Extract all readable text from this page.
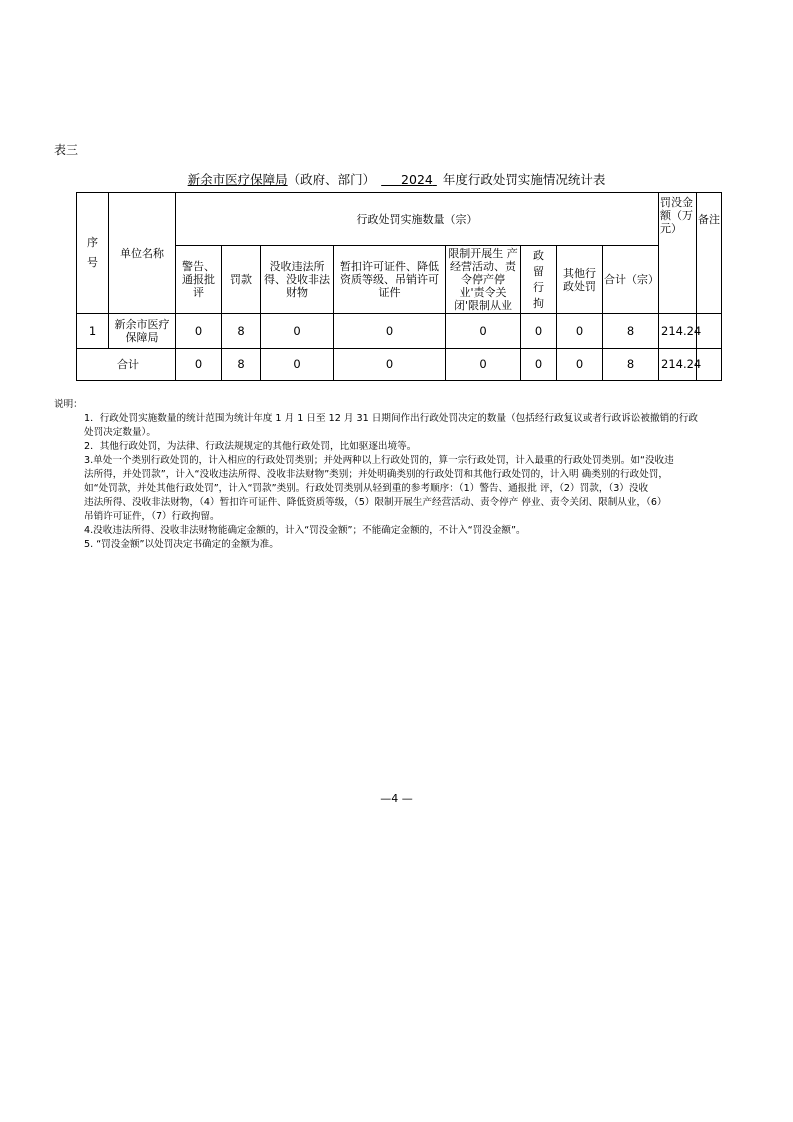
表三
新余市医疗保障局（政府、部门） 2024 年度行政处罚实施情况统计表
序号	单位名称	行政处罚实施数量（宗）								罚没金额（万元）	备注
		警告、通报批评	罚款	没收违法所得、没收非法财物	暂扣许可证件、降低资质等级、吊销许可证件	限制开展生 产经营活动、责令停产停 业'责令关 闭'限制从业	政留行拘	其他行政处罚	合计（宗）		

1	新余市医疗保障局	0	8	0	0	0	0	0	8	214.24	
合计		0	8	0	0	0	0	0	8	214.24	
说明：
1．行政处罚实施数量的统计范围为统计年度 1 月 1 日至 12 月 31 日期间作出行政处罚决定的数量（包括经行政复议或者行政诉讼被撤销的行政
处罚决定数量）。
2．其他行政处罚，为法律、行政法规规定的其他行政处罚，比如驱逐出境等。
3.单处一个类别行政处罚的，计入相应的行政处罚类别；并处两种以上行政处罚的，算一宗行政处罚，计入最重的行政处罚类别。如“没收违
法所得，并处罚款”，计入“没收违法所得、没收非法财物”类别；并处明确类别的行政处罚和其他行政处罚的，计入明 确类别的行政处罚，
如“处罚款，并处其他行政处罚”，计入“罚款”类别。行政处罚类别从轻到重的参考顺序：（1）警告、通报批 评，（2）罚款，（3）没收
违法所得、没收非法财物，（4）暂扣许可证件、降低资质等级，（5）限制开展生产经营活动、责令停产 停业、责令关闭、限制从业，（6）
吊销许可证件，（7）行政拘留。
4.没收违法所得、没收非法财物能确定金额的，计入“罚没金额”；不能确定金额的，不计入“罚没金额”。
5. “罚没金额”以处罚决定书确定的金额为准。
—4 —
